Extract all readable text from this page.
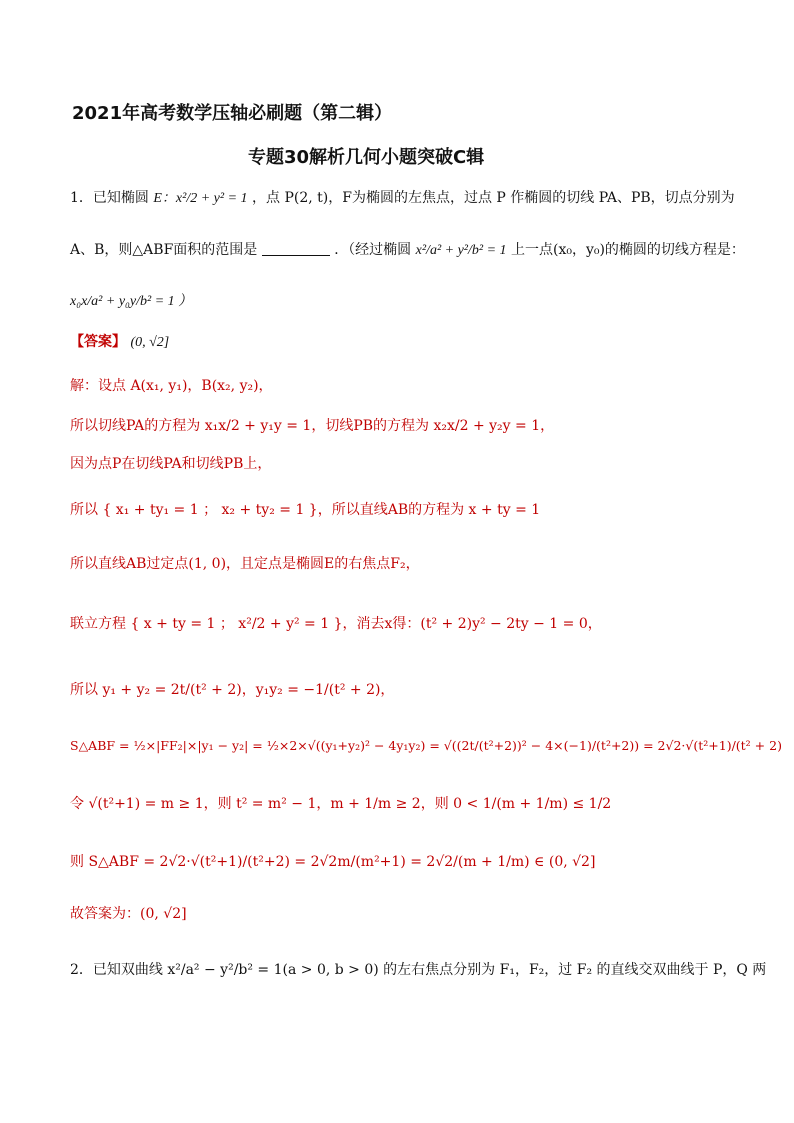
2021年高考数学压轴必刷题（第二辑）
专题30解析几何小题突破C辑
1．已知椭圆 E：x²/2 + y² = 1 ，点 P(2, t)，F为椭圆的左焦点，过点 P 作椭圆的切线 PA、PB，切点分别为
A、B，则△ABF面积的范围是	．（经过椭圆 x²/a² + y²/b² = 1 上一点(x₀，y₀)的椭圆的切线方程是：
x₀x/a² + y₀y/b² = 1 ）
【答案】 (0, √2]
解：设点 A(x₁, y₁)，B(x₂, y₂)，
所以切线PA的方程为 x₁x/2 + y₁y = 1，切线PB的方程为 x₂x/2 + y₂y = 1，
因为点P在切线PA和切线PB上，
所以 { x₁ + ty₁ = 1 ； x₂ + ty₂ = 1 }，所以直线AB的方程为 x + ty = 1
所以直线AB过定点(1, 0)，且定点是椭圆E的右焦点F₂，
联立方程 { x + ty = 1 ； x²/2 + y² = 1 }，消去x得：(t² + 2)y² − 2ty − 1 = 0，
所以 y₁ + y₂ = 2t/(t² + 2)，y₁y₂ = −1/(t² + 2)，
S△ABF = ½×|FF₂|×|y₁ − y₂| = ½×2×√((y₁+y₂)² − 4y₁y₂) = √((2t/(t²+2))² − 4×(−1)/(t²+2)) = 2√2·√(t²+1)/(t² + 2)
令 √(t²+1) = m ≥ 1，则 t² = m² − 1，m + 1/m ≥ 2，则 0 < 1/(m + 1/m) ≤ 1/2
则 S△ABF = 2√2·√(t²+1)/(t²+2) = 2√2m/(m²+1) = 2√2/(m + 1/m) ∈ (0, √2]
故答案为：(0, √2]
2．已知双曲线 x²/a² − y²/b² = 1(a > 0, b > 0) 的左右焦点分别为 F₁，F₂，过 F₂ 的直线交双曲线于 P，Q 两
